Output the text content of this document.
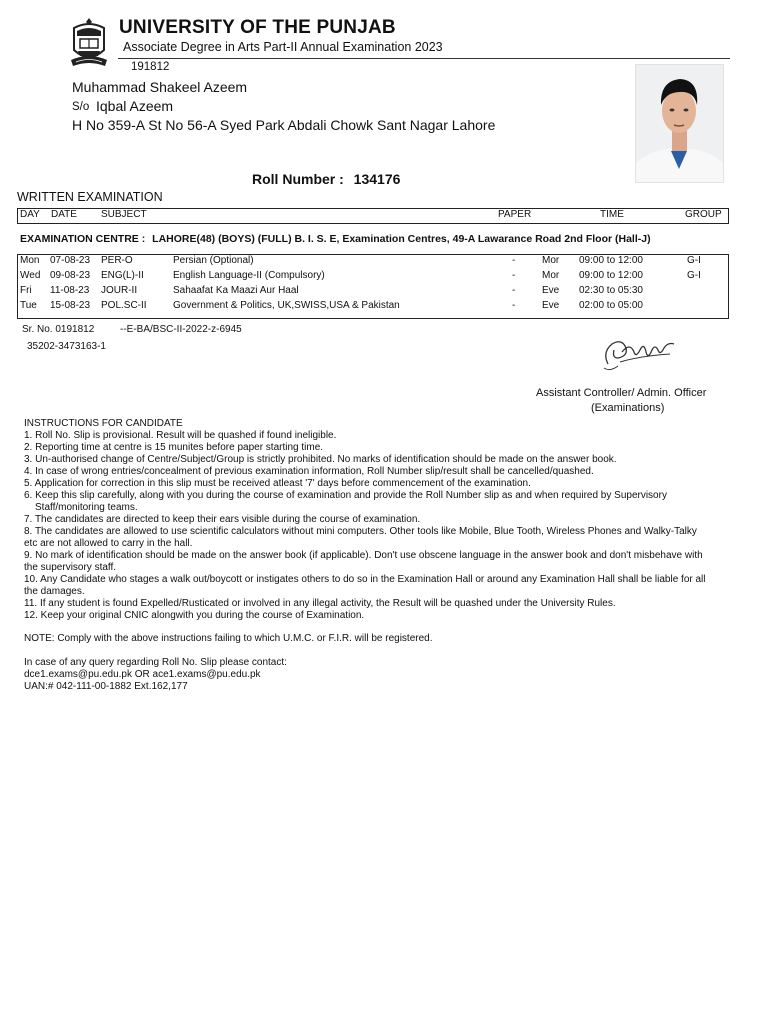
UNIVERSITY OF THE PUNJAB
Associate Degree in Arts Part-II Annual Examination 2023
191812
Muhammad Shakeel Azeem
S/o Iqbal Azeem
H No 359-A St No 56-A Syed Park Abdali Chowk Sant Nagar Lahore
Roll Number : 134176
WRITTEN EXAMINATION
DAY DATE SUBJECT	PAPER	TIME	GROUP
EXAMINATION CENTRE : LAHORE(48) (BOYS) (FULL) B. I. S. E, Examination Centres, 49-A Lawarance Road 2nd Floor (Hall-J)
Mon 07-08-23 PER-O	Persian (Optional)	-	Mor 09:00 to 12:00	G-I
Wed 09-08-23 ENG(L)-II	English Language-II (Compulsory)	-	Mor 09:00 to 12:00	G-I
Fri 11-08-23 JOUR-II	Sahaafat Ka Maazi Aur Haal	-	Eve 02:30 to 05:30
Tue 15-08-23 POL.SC-II	Government & Politics, UK,SWISS,USA & Pakistan	-	Eve 02:00 to 05:00
Sr. No. 0191812	--E-BA/BSC-II-2022-z-6945
35202-3473163-1
Assistant Controller/ Admin. Officer
(Examinations)
INSTRUCTIONS FOR CANDIDATE
1. Roll No. Slip is provisional. Result will be quashed if found ineligible.
2. Reporting time at centre is 15 munites before paper starting time.
3. Un-authorised change of Centre/Subject/Group is strictly prohibited. No marks of identification should be made on the answer book.
4. In case of wrong entries/concealment of previous examination information, Roll Number slip/result shall be cancelled/quashed.
5. Application for correction in this slip must be received atleast '7' days before commencement of the examination.
6. Keep this slip carefully, along with you during the course of examination and provide the Roll Number slip as and when required by Supervisory
Staff/monitoring teams.
7. The candidates are directed to keep their ears visible during the course of examination.
8. The candidates are allowed to use scientific calculators without mini computers. Other tools like Mobile, Blue Tooth, Wireless Phones and Walky-Talky
etc are not allowed to carry in the hall.
9. No mark of identification should be made on the answer book (if applicable). Don't use obscene language in the answer book and don't misbehave with
the supervisory staff.
10. Any Candidate who stages a walk out/boycott or instigates others to do so in the Examination Hall or around any Examination Hall shall be liable for all
the damages.
11. If any student is found Expelled/Rusticated or involved in any illegal activity, the Result will be quashed under the University Rules.
12. Keep your original CNIC alongwith you during the course of Examination.
NOTE: Comply with the above instructions failing to which U.M.C. or F.I.R. will be registered.
In case of any query regarding Roll No. Slip please contact:
dce1.exams@pu.edu.pk OR ace1.exams@pu.edu.pk
UAN:# 042-111-00-1882 Ext.162,177
